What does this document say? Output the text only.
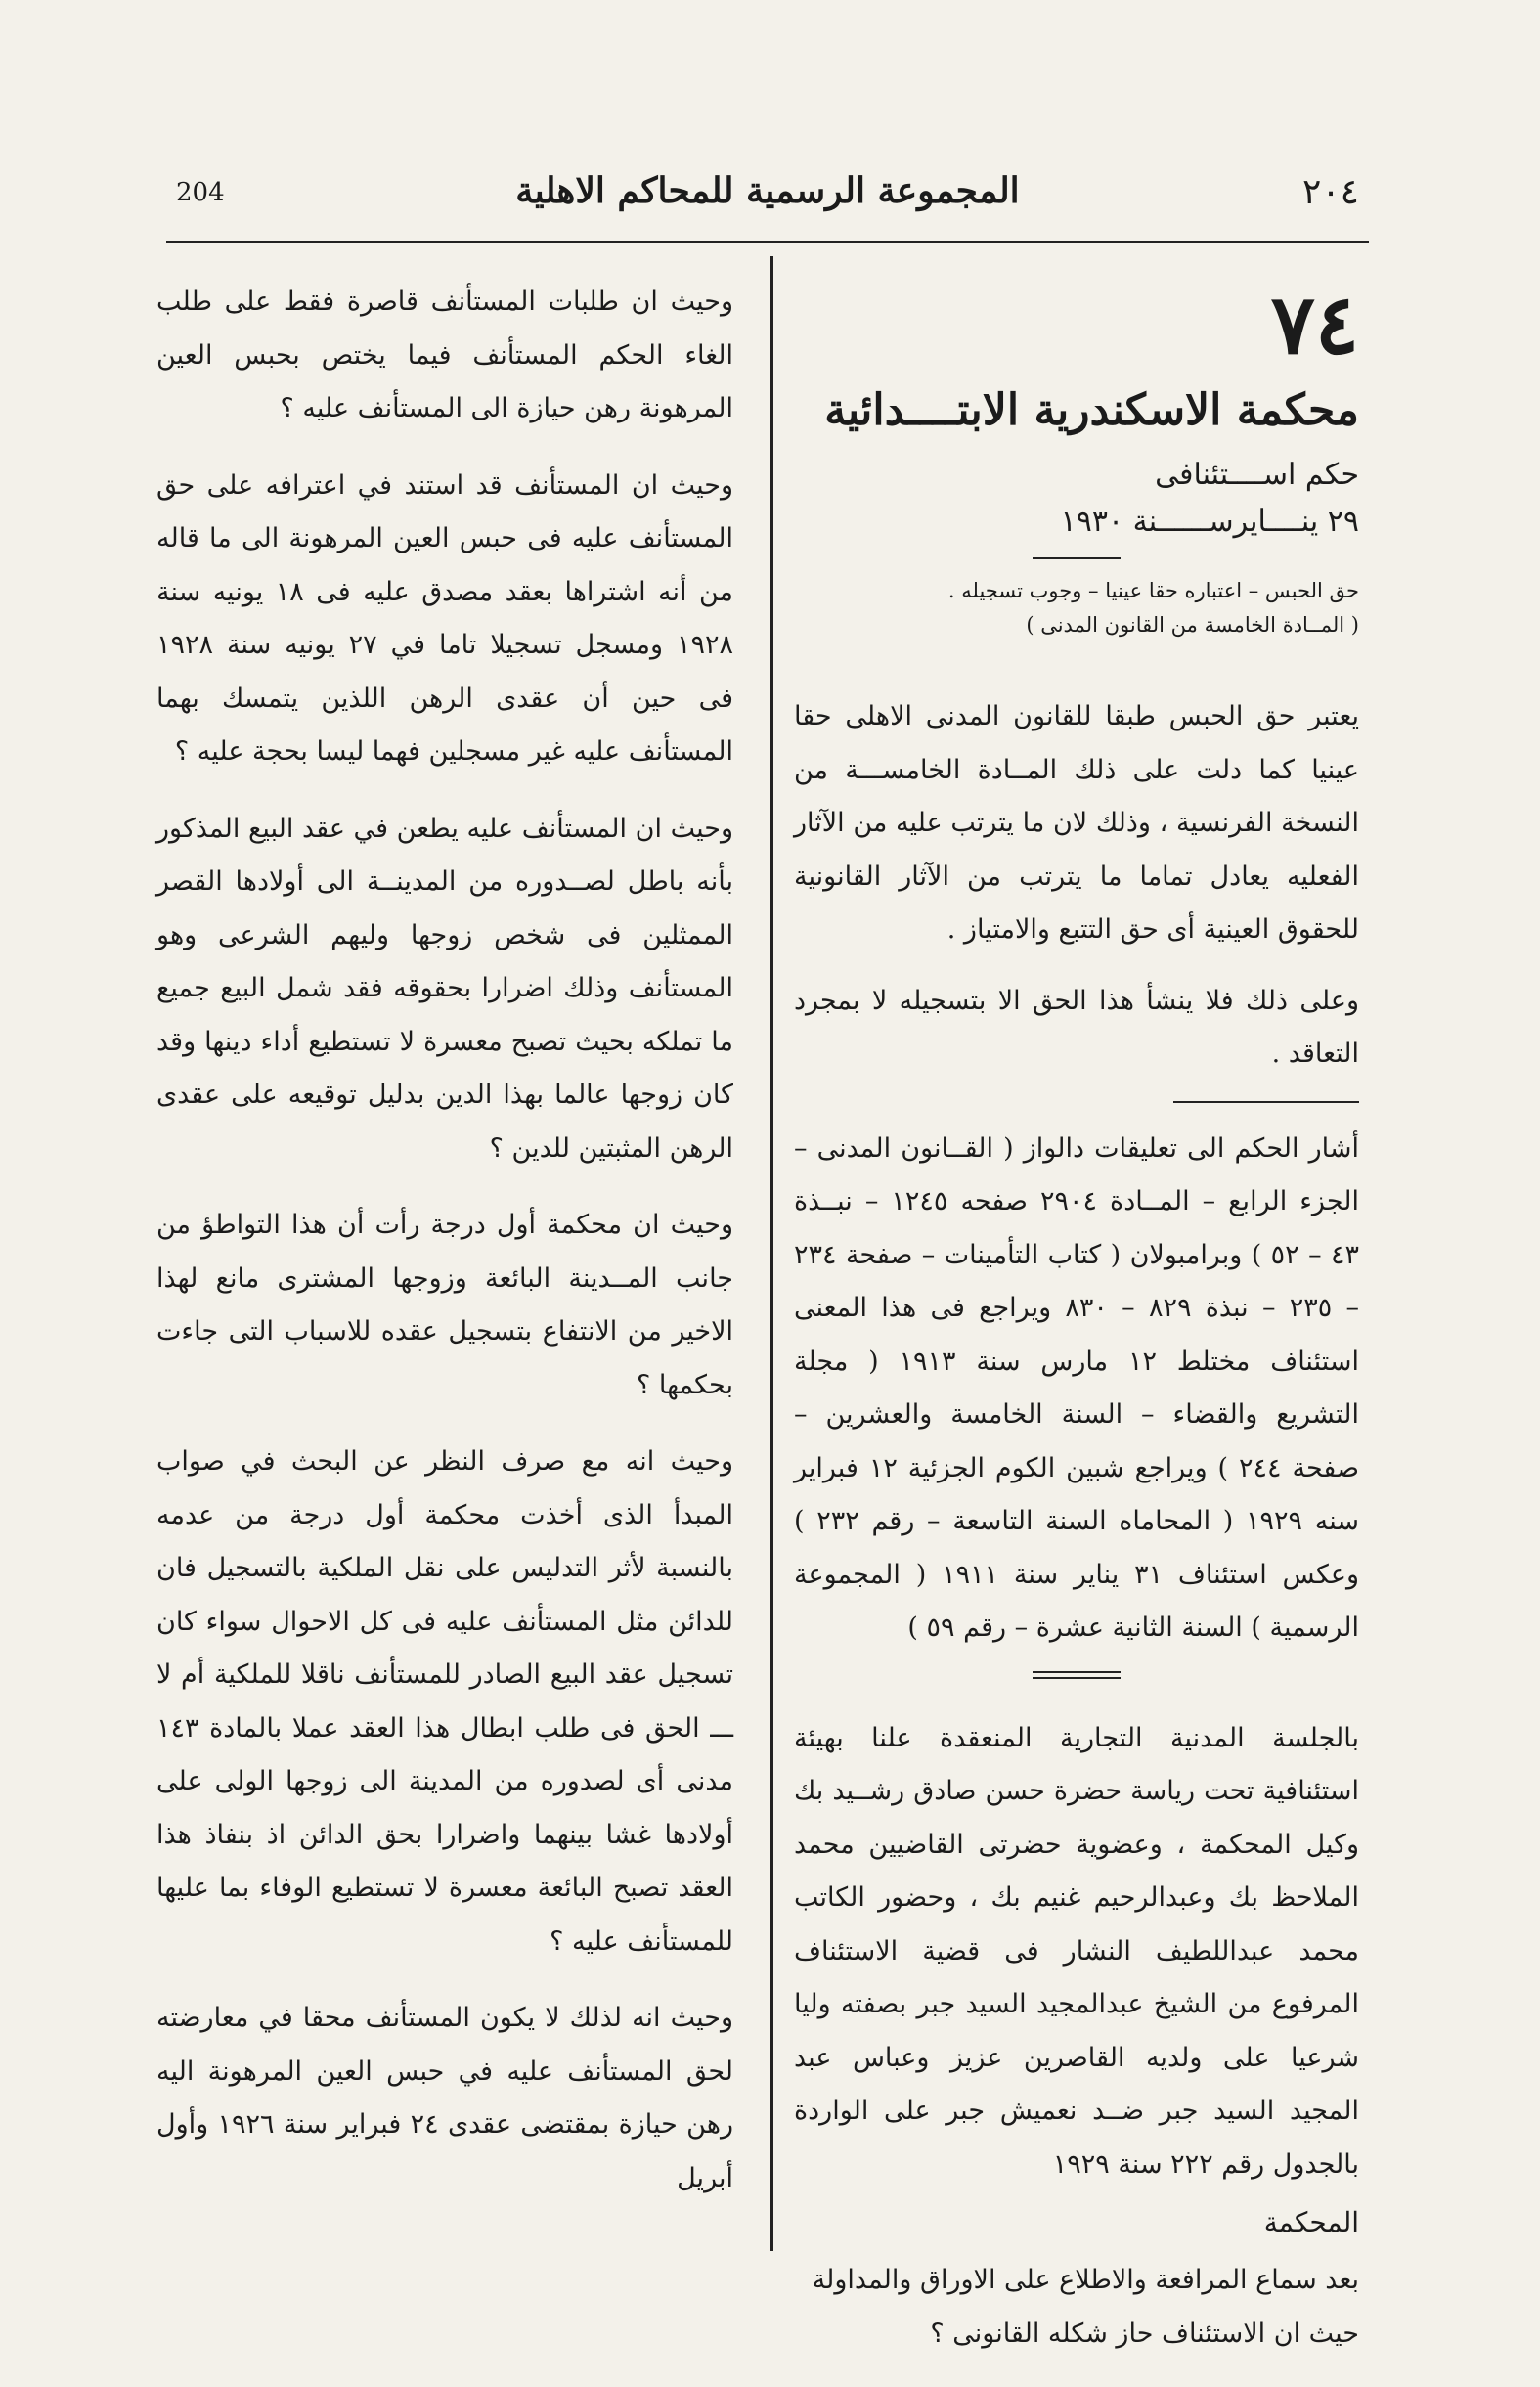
204	المجموعة الرسمية للمحاكم الاهلية	٢٠٤
٧٤
محكمة الاسكندرية الابتــــدائية
حكم اســــتئنافى
٢٩ ينــــايرســــــنة ١٩٣٠
حق الحبس – اعتباره حقا عينيا – وجوب تسجيله .
( المــادة الخامسة من القانون المدنى )

يعتبر حق الحبس طبقا للقانون المدنى الاهلى حقا عينيا كما دلت على ذلك المــادة الخامســـة من النسخة الفرنسية ، وذلك لان ما يترتب عليه من الآثار الفعليه يعادل تماما ما يترتب من الآثار القانونية للحقوق العينية أى حق التتبع والامتياز .

وعلى ذلك فلا ينشأ هذا الحق الا بتسجيله لا بمجرد التعاقد .

أشار الحكم الى تعليقات دالواز ( القــانون المدنى – الجزء الرابع – المــادة ٢٩٠٤ صفحه ١٢٤٥ – نبــذة ٤٣ – ٥٢ ) وبرامبولان ( كتاب التأمينات – صفحة ٢٣٤ – ٢٣٥ – نبذة ٨٢٩ – ٨٣٠ ويراجع فى هذا المعنى استئناف مختلط ١٢ مارس سنة ١٩١٣ ( مجلة التشريع والقضاء – السنة الخامسة والعشرين – صفحة ٢٤٤ ) ويراجع شبين الكوم الجزئية ١٢ فبراير سنه ١٩٢٩ ( المحاماه السنة التاسعة – رقم ٢٣٢ ) وعكس استئناف ٣١ يناير سنة ١٩١١ ( المجموعة الرسمية ) السنة الثانية عشرة – رقم ٥٩ )

بالجلسة المدنية التجارية المنعقدة علنا بهيئة استئنافية تحت رياسة حضرة حسن صادق رشــيد بك وكيل المحكمة ، وعضوية حضرتى القاضيين محمد الملاحظ بك وعبدالرحيم غنيم بك ، وحضور الكاتب محمد عبداللطيف النشار فى قضية الاستئناف المرفوع من الشيخ عبدالمجيد السيد جبر بصفته وليا شرعيا على ولديه القاصرين عزيز وعباس عبد المجيد السيد جبر ضــد نعميش جبر على الواردة بالجدول رقم ٢٢٢ سنة ١٩٢٩

المحكمة

بعد سماع المرافعة والاطلاع على الاوراق والمداولة

حيث ان الاستئناف حاز شكله القانونى ؟

وحيث ان طلبات المستأنف قاصرة فقط على طلب الغاء الحكم المستأنف فيما يختص بحبس العين المرهونة رهن حيازة الى المستأنف عليه ؟

وحيث ان المستأنف قد استند في اعترافه على حق المستأنف عليه فى حبس العين المرهونة الى ما قاله من أنه اشتراها بعقد مصدق عليه فى ١٨ يونيه سنة ١٩٢٨ ومسجل تسجيلا تاما في ٢٧ يونيه سنة ١٩٢٨ فى حين أن عقدى الرهن اللذين يتمسك بهما المستأنف عليه غير مسجلين فهما ليسا بحجة عليه ؟

وحيث ان المستأنف عليه يطعن في عقد البيع المذكور بأنه باطل لصــدوره من المدينــة الى أولادها القصر الممثلين فى شخص زوجها وليهم الشرعى وهو المستأنف وذلك اضرارا بحقوقه فقد شمل البيع جميع ما تملكه بحيث تصبح معسرة لا تستطيع أداء دينها وقد كان زوجها عالما بهذا الدين بدليل توقيعه على عقدى الرهن المثبتين للدين ؟

وحيث ان محكمة أول درجة رأت أن هذا التواطؤ من جانب المــدينة البائعة وزوجها المشترى مانع لهذا الاخير من الانتفاع بتسجيل عقده للاسباب التى جاءت بحكمها ؟

وحيث انه مع صرف النظر عن البحث في صواب المبدأ الذى أخذت محكمة أول درجة من عدمه بالنسبة لأثر التدليس على نقل الملكية بالتسجيل فان للدائن مثل المستأنف عليه فى كل الاحوال سواء كان تسجيل عقد البيع الصادر للمستأنف ناقلا للملكية أم لا ـــ الحق فى طلب ابطال هذا العقد عملا بالمادة ١٤٣ مدنى أى لصدوره من المدينة الى زوجها الولى على أولادها غشا بينهما واضرارا بحق الدائن اذ بنفاذ هذا العقد تصبح البائعة معسرة لا تستطيع الوفاء بما عليها للمستأنف عليه ؟

وحيث انه لذلك لا يكون المستأنف محقا في معارضته لحق المستأنف عليه في حبس العين المرهونة اليه رهن حيازة بمقتضى عقدى ٢٤ فبراير سنة ١٩٢٦ وأول أبريل
